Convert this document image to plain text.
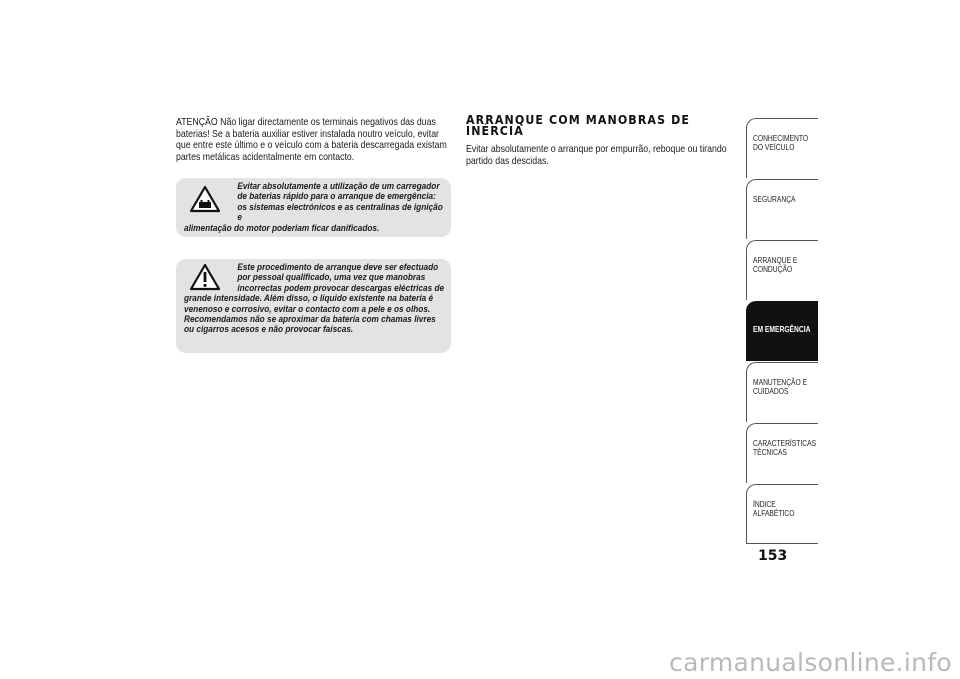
ATENÇÃO Não ligar directamente os terminais negativos das duas baterias! Se a bateria auxiliar estiver instalada noutro veículo, evitar que entre este último e o veículo com a bateria descarregada existam partes metálicas acidentalmente em contacto.

Evitar absolutamente a utilização de um carregador de baterias rápido para o arranque de emergência: os sistemas electrónicos e as centralinas de ignição e
alimentação do motor poderiam ficar danificados.

Este procedimento de arranque deve ser efectuado por pessoal qualificado, uma vez que manobras incorrectas podem provocar descargas eléctricas de
grande intensidade. Além disso, o líquido existente na bateria é venenoso e corrosivo, evitar o contacto com a pele e os olhos. Recomendamos não se aproximar da bateria com chamas livres ou cigarros acesos e não provocar faíscas.

ARRANQUE COM MANOBRAS DE INÉRCIA

Evitar absolutamente o arranque por empurrão, reboque ou tirando partido das descidas.

CONHECIMENTO DO VEÍCULO
SEGURANÇA
ARRANQUE E CONDUÇÃO
EM EMERGÊNCIA
MANUTENÇÃO E CUIDADOS
CARACTERÍSTICAS TÉCNICAS
ÍNDICE ALFABÉTICO
153
carmanualsonline.info
